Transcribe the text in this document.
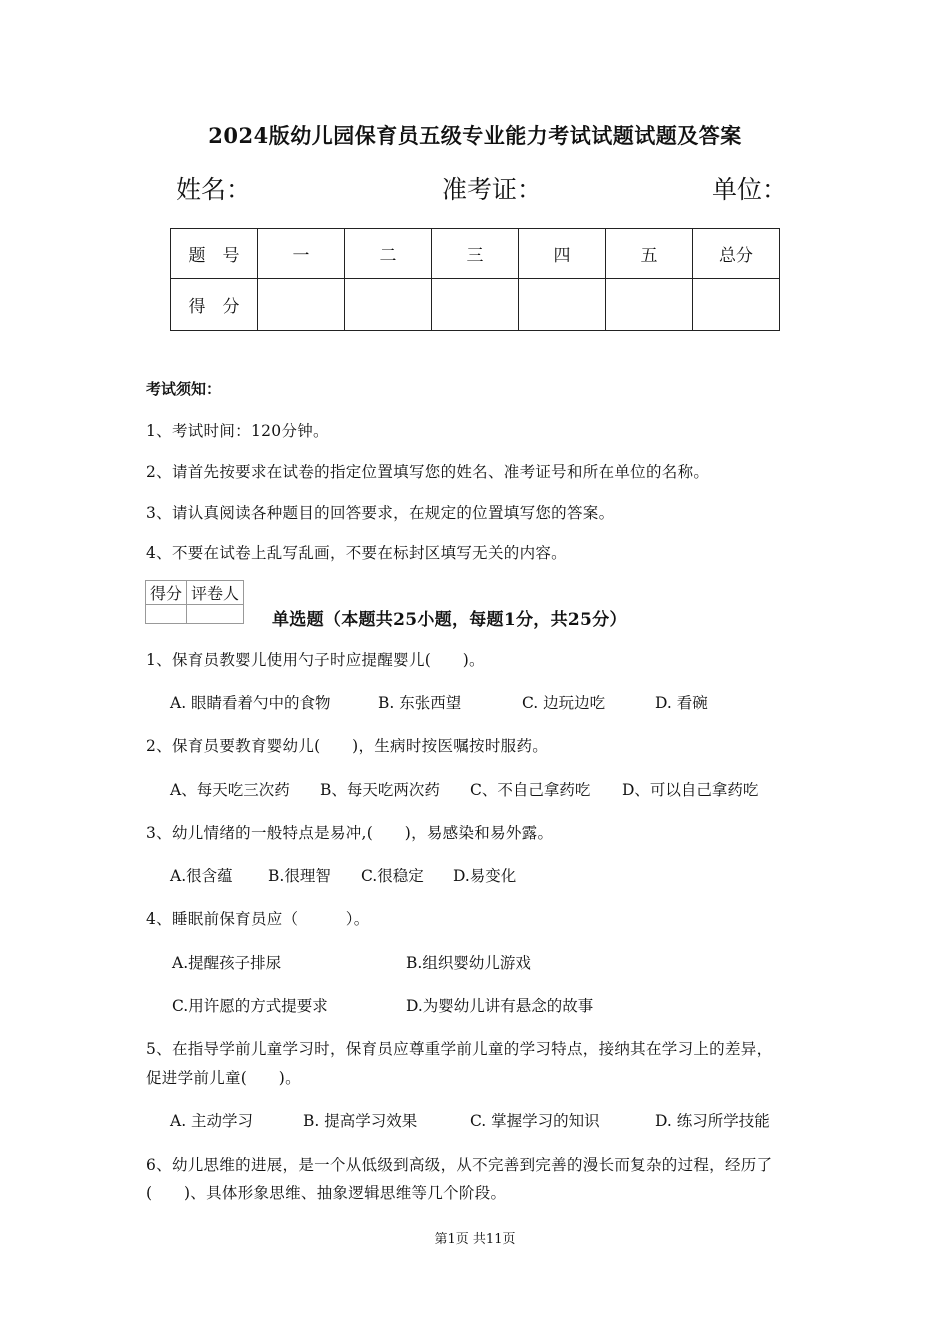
2024版幼儿园保育员五级专业能力考试试题试题及答案
姓名：	准考证：	单位：
题　号	一	二	三	四	五	总分
得　分						
考试须知：
1、考试时间：120分钟。
2、请首先按要求在试卷的指定位置填写您的姓名、准考证号和所在单位的名称。
3、请认真阅读各种题目的回答要求，在规定的位置填写您的答案。
4、不要在试卷上乱写乱画，不要在标封区填写无关的内容。
得分	评卷人

单选题（本题共25小题，每题1分，共25分）
1、保育员教婴儿使用勺子时应提醒婴儿(　　)。
A. 眼睛看着勺中的食物	B. 东张西望	C. 边玩边吃	D. 看碗
2、保育员要教育婴幼儿(　　)，生病时按医嘱按时服药。
A、每天吃三次药 B、每天吃两次药 C、不自己拿药吃 D、可以自己拿药吃
3、幼儿情绪的一般特点是易冲,(　　)，易感染和易外露。
A.很含蕴 B.很理智 C.很稳定 D.易变化
4、睡眠前保育员应（　　　）。
A.提醒孩子排尿	B.组织婴幼儿游戏
C.用许愿的方式提要求	D.为婴幼儿讲有悬念的故事
5、在指导学前儿童学习时，保育员应尊重学前儿童的学习特点，接纳其在学习上的差异，
促进学前儿童(　　)。
A. 主动学习	B. 提高学习效果	C. 掌握学习的知识	D. 练习所学技能
6、幼儿思维的进展，是一个从低级到高级，从不完善到完善的漫长而复杂的过程，经历了
(　　)、具体形象思维、抽象逻辑思维等几个阶段。
第1页 共11页
